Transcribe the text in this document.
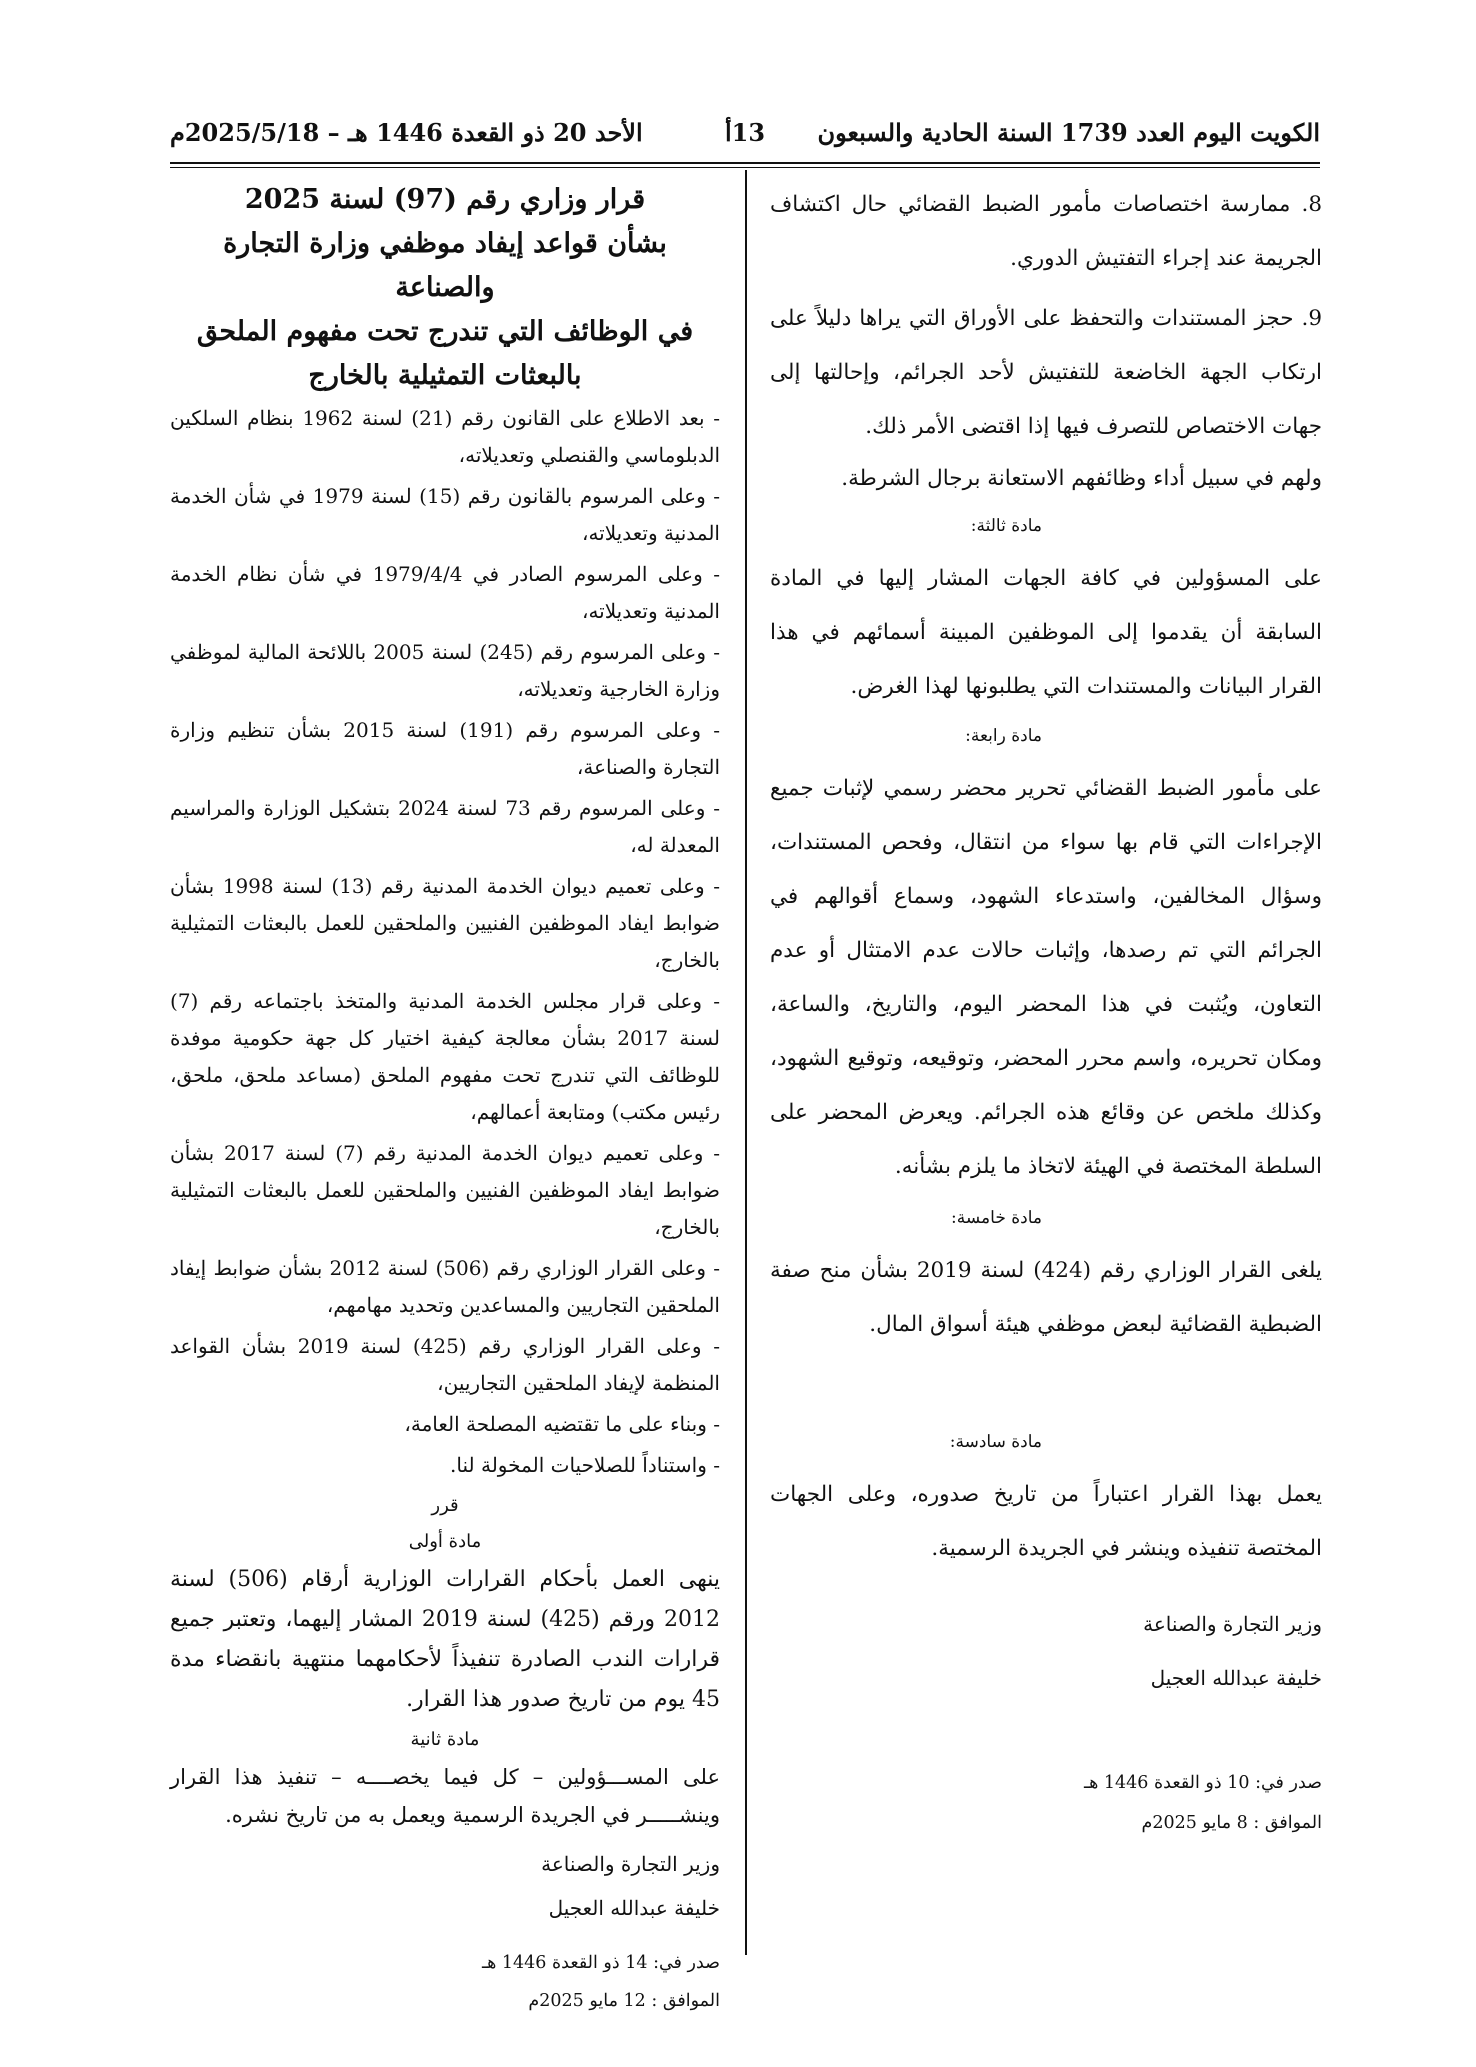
الكويت اليوم العدد 1739 السنة الحادية والسبعون
13أ
الأحد 20 ذو القعدة 1446 هـ – 2025/5/18م

8. ممارسة اختصاصات مأمور الضبط القضائي حال اكتشاف الجريمة عند إجراء التفتيش الدوري.

9. حجز المستندات والتحفظ على الأوراق التي يراها دليلاً على ارتكاب الجهة الخاضعة للتفتيش لأحد الجرائم، وإحالتها إلى جهات الاختصاص للتصرف فيها إذا اقتضى الأمر ذلك.

ولهم في سبيل أداء وظائفهم الاستعانة برجال الشرطة.

مادة ثالثة:

على المسؤولين في كافة الجهات المشار إليها في المادة السابقة أن يقدموا إلى الموظفين المبينة أسمائهم في هذا القرار البيانات والمستندات التي يطلبونها لهذا الغرض.

مادة رابعة:

على مأمور الضبط القضائي تحرير محضر رسمي لإثبات جميع الإجراءات التي قام بها سواء من انتقال، وفحص المستندات، وسؤال المخالفين، واستدعاء الشهود، وسماع أقوالهم في الجرائم التي تم رصدها، وإثبات حالات عدم الامتثال أو عدم التعاون، ويُثبت في هذا المحضر اليوم، والتاريخ، والساعة، ومكان تحريره، واسم محرر المحضر، وتوقيعه، وتوقيع الشهود، وكذلك ملخص عن وقائع هذه الجرائم. ويعرض المحضر على السلطة المختصة في الهيئة لاتخاذ ما يلزم بشأنه.

مادة خامسة:

يلغى القرار الوزاري رقم (424) لسنة 2019 بشأن منح صفة الضبطية القضائية لبعض موظفي هيئة أسواق المال.

مادة سادسة:

يعمل بهذا القرار اعتباراً من تاريخ صدوره، وعلى الجهات المختصة تنفيذه وينشر في الجريدة الرسمية.

وزير التجارة والصناعة

خليفة عبدالله العجيل

صدر في: 10 ذو القعدة 1446 هـ

الموافق : 8 مايو 2025م

قرار وزاري رقم (97) لسنة 2025

بشأن قواعد إيفاد موظفي وزارة التجارة والصناعة

في الوظائف التي تندرج تحت مفهوم الملحق

بالبعثات التمثيلية بالخارج

- بعد الاطلاع على القانون رقم (21) لسنة 1962 بنظام السلكين الدبلوماسي والقنصلي وتعديلاته،

- وعلى المرسوم بالقانون رقم (15) لسنة 1979 في شأن الخدمة المدنية وتعديلاته،

- وعلى المرسوم الصادر في 1979/4/4 في شأن نظام الخدمة المدنية وتعديلاته،

- وعلى المرسوم رقم (245) لسنة 2005 باللائحة المالية لموظفي وزارة الخارجية وتعديلاته،

- وعلى المرسوم رقم (191) لسنة 2015 بشأن تنظيم وزارة التجارة والصناعة،

- وعلى المرسوم رقم 73 لسنة 2024 بتشكيل الوزارة والمراسيم المعدلة له،

- وعلى تعميم ديوان الخدمة المدنية رقم (13) لسنة 1998 بشأن ضوابط ايفاد الموظفين الفنيين والملحقين للعمل بالبعثات التمثيلية بالخارج،

- وعلى قرار مجلس الخدمة المدنية والمتخذ باجتماعه رقم (7) لسنة 2017 بشأن معالجة كيفية اختيار كل جهة حكومية موفدة للوظائف التي تندرج تحت مفهوم الملحق (مساعد ملحق، ملحق، رئيس مكتب) ومتابعة أعمالهم،

- وعلى تعميم ديوان الخدمة المدنية رقم (7) لسنة 2017 بشأن ضوابط ايفاد الموظفين الفنيين والملحقين للعمل بالبعثات التمثيلية بالخارج،

- وعلى القرار الوزاري رقم (506) لسنة 2012 بشأن ضوابط إيفاد الملحقين التجاريين والمساعدين وتحديد مهامهم،

- وعلى القرار الوزاري رقم (425) لسنة 2019 بشأن القواعد المنظمة لإيفاد الملحقين التجاريين،

- وبناء على ما تقتضيه المصلحة العامة،

- واستناداً للصلاحيات المخولة لنا.

قرر

مادة أولى

ينهى العمل بأحكام القرارات الوزارية أرقام (506) لسنة 2012 ورقم (425) لسنة 2019 المشار إليهما، وتعتبر جميع قرارات الندب الصادرة تنفيذاً لأحكامهما منتهية بانقضاء مدة 45 يوم من تاريخ صدور هذا القرار.

مادة ثانية

على المســـؤولين – كل فيما يخصــــه – تنفيذ هذا القرار وينشـــــر في الجريدة الرسمية ويعمل به من تاريخ نشره.

وزير التجارة والصناعة

خليفة عبدالله العجيل

صدر في: 14 ذو القعدة 1446 هـ

الموافق : 12 مايو 2025م
